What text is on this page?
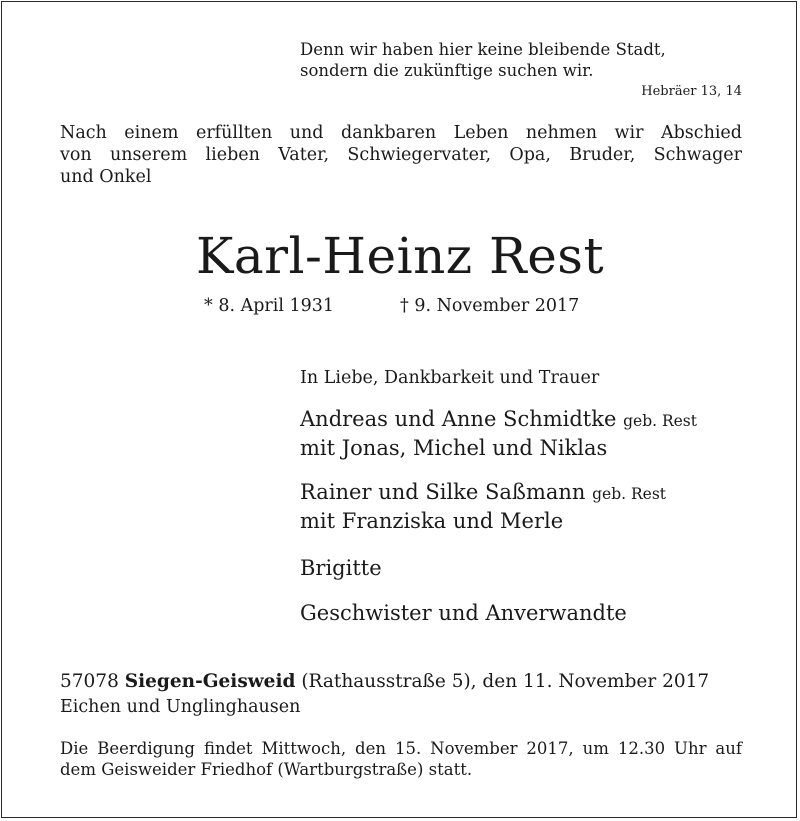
Denn wir haben hier keine bleibende Stadt,
sondern die zukünftige suchen wir.
Hebräer 13, 14
Nach einem erfüllten und dankbaren Leben nehmen wir Abschied
von unserem lieben Vater, Schwiegervater, Opa, Bruder, Schwager
und Onkel
Karl-Heinz Rest
* 8. April 1931	† 9. November 2017
In Liebe, Dankbarkeit und Trauer
Andreas und Anne Schmidtke geb. Rest
mit Jonas, Michel und Niklas
Rainer und Silke Saßmann geb. Rest
mit Franziska und Merle
Brigitte
Geschwister und Anverwandte
57078 Siegen-Geisweid (Rathausstraße 5), den 11. November 2017
Eichen und Unglinghausen
Die Beerdigung findet Mittwoch, den 15. November 2017, um 12.30 Uhr auf
dem Geisweider Friedhof (Wartburgstraße) statt.
